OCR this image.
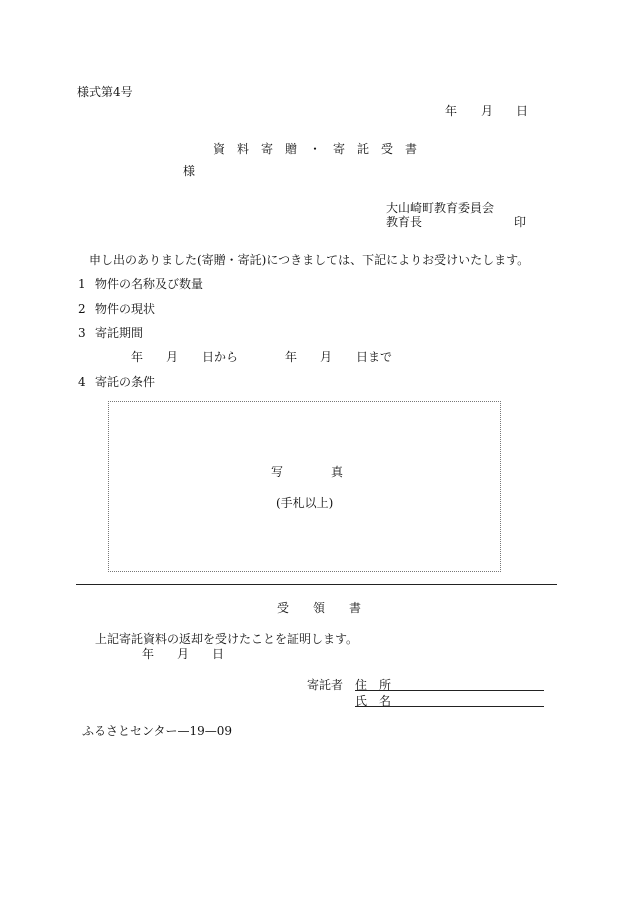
様式第4号
年 月 日
資　料　寄　贈　・　寄　託　受　書
様
大山崎町教育委員会
教育長	印
申し出のありました(寄贈・寄託)につきましては、下記によりお受けいたします。
1 物件の名称及び数量
2 物件の現状
3 寄託期間
4 寄託の条件
年 月 日から	年 月 日まで
写　　　　真
(手札以上)
受　　領　　書
上記寄託資料の返却を受けたことを証明します。
年 月 日
寄託者 住　所
氏　名
ふるさとセンター—19—09
